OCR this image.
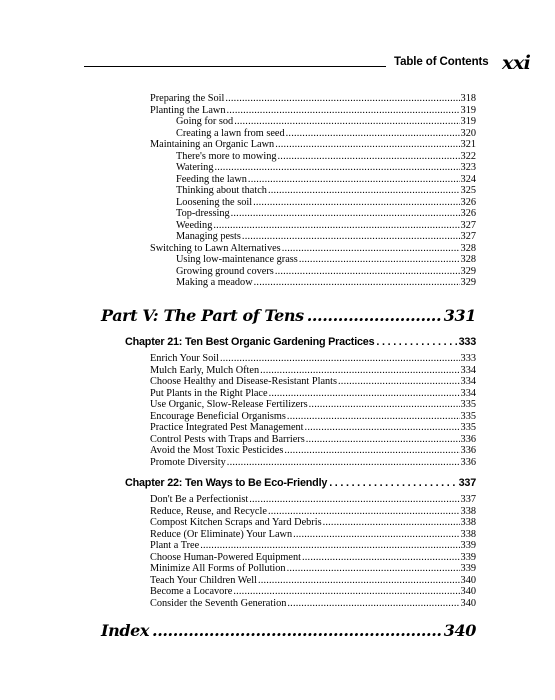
Table of Contents xxi
Preparing the Soil .....	318
Planting the Lawn .....	319
Going for sod .....	319
Creating a lawn from seed .....	320
Maintaining an Organic Lawn .....	321
There's more to mowing .....	322
Watering .....	323
Feeding the lawn .....	324
Thinking about thatch .....	325
Loosening the soil .....	326
Top-dressing .....	326
Weeding .....	327
Managing pests .....	327
Switching to Lawn Alternatives .....	328
Using low-maintenance grass .....	328
Growing ground covers .....	329
Making a meadow .....	329
Part V: The Part of Tens .....	331
Chapter 21: Ten Best Organic Gardening Practices . . .	333
Enrich Your Soil .....	333
Mulch Early, Mulch Often .....	334
Choose Healthy and Disease-Resistant Plants .....	334
Put Plants in the Right Place .....	334
Use Organic, Slow-Release Fertilizers .....	335
Encourage Beneficial Organisms .....	335
Practice Integrated Pest Management .....	335
Control Pests with Traps and Barriers .....	336
Avoid the Most Toxic Pesticides .....	336
Promote Diversity .....	336
Chapter 22: Ten Ways to Be Eco-Friendly . . .	337
Don't Be a Perfectionist .....	337
Reduce, Reuse, and Recycle .....	338
Compost Kitchen Scraps and Yard Debris .....	338
Reduce (Or Eliminate) Your Lawn .....	338
Plant a Tree .....	339
Choose Human-Powered Equipment .....	339
Minimize All Forms of Pollution .....	339
Teach Your Children Well .....	340
Become a Locavore .....	340
Consider the Seventh Generation .....	340
Index .....	340
